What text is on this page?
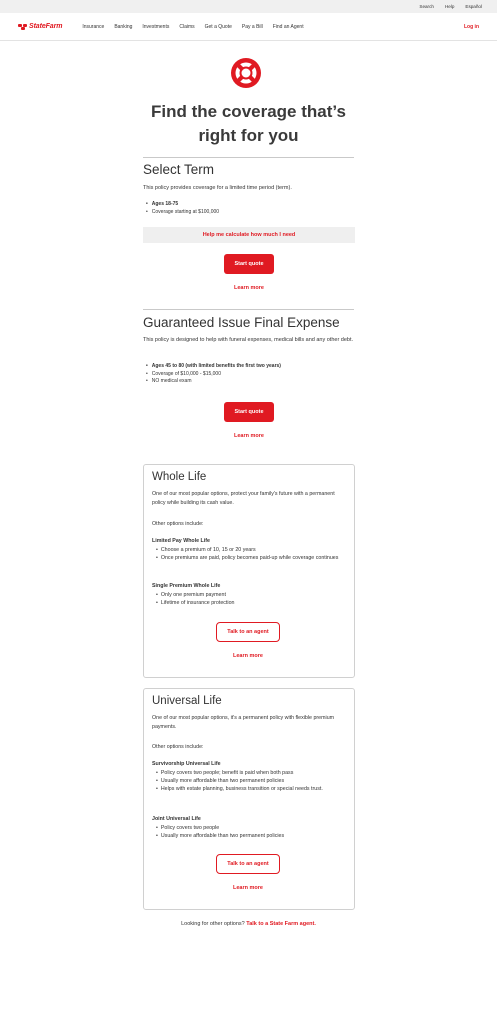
Search Help Español
StateFarm	Insurance Banking Investments Claims Get a Quote Pay a Bill Find an Agent	Log in
Find the coverage that’s right for you
Select Term
This policy provides coverage for a limited time period (term).
• Ages 18-75
• Coverage starting at $100,000
Help me calculate how much I need
Start quote
Learn more
Guaranteed Issue Final Expense
This policy is designed to help with funeral expenses, medical bills and any other debt.
• Ages 45 to 80 (with limited benefits the first two years)
• Coverage of $10,000 - $15,000
• NO medical exam
Start quote
Learn more
Whole Life
One of our most popular options, protect your family's future with a permanent policy while building its cash value.
Other options include:
Limited Pay Whole Life
• Choose a premium of 10, 15 or 20 years
• Once premiums are paid, policy becomes paid-up while coverage continues
Single Premium Whole Life
• Only one premium payment
• Lifetime of insurance protection
Talk to an agent
Learn more
Universal Life
One of our most popular options, it's a permanent policy with flexible premium payments.
Other options include:
Survivorship Universal Life
• Policy covers two people; benefit is paid when both pass
• Usually more affordable than two permanent policies
• Helps with estate planning, business transition or special needs trust.
Joint Universal Life
• Policy covers two people
• Usually more affordable than two permanent policies
Talk to an agent
Learn more
Looking for other options? Talk to a State Farm agent.
